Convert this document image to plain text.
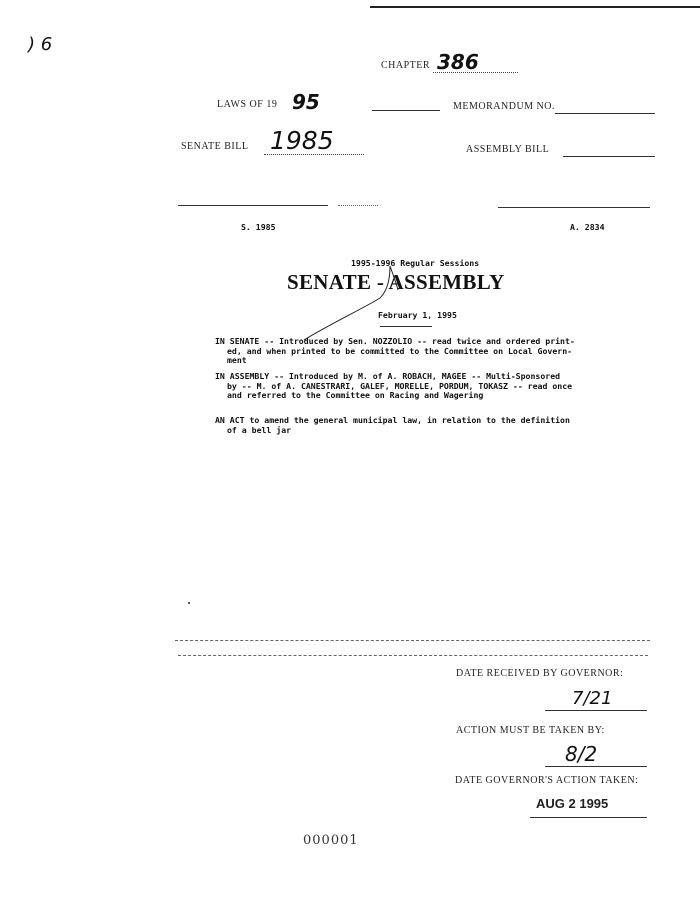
) 6
CHAPTER 386
LAWS OF 19 95	MEMORANDUM NO.
SENATE BILL 1985	ASSEMBLY BILL
S. 1985	A. 2834
1995-1996 Regular Sessions
SENATE - ASSEMBLY
February 1, 1995
IN SENATE -- Introduced by Sen. NOZZOLIO -- read twice and ordered print-
ed, and when printed to be committed to the Committee on Local Govern-
ment
IN ASSEMBLY -- Introduced by M. of A. ROBACH, MAGEE -- Multi-Sponsored
by -- M. of A. CANESTRARI, GALEF, MORELLE, PORDUM, TOKASZ -- read once
and referred to the Committee on Racing and Wagering
AN ACT to amend the general municipal law, in relation to the definition
of a bell jar
DATE RECEIVED BY GOVERNOR:
7/21
ACTION MUST BE TAKEN BY:
8/2
DATE GOVERNOR'S ACTION TAKEN:
AUG 2 1995
000001
